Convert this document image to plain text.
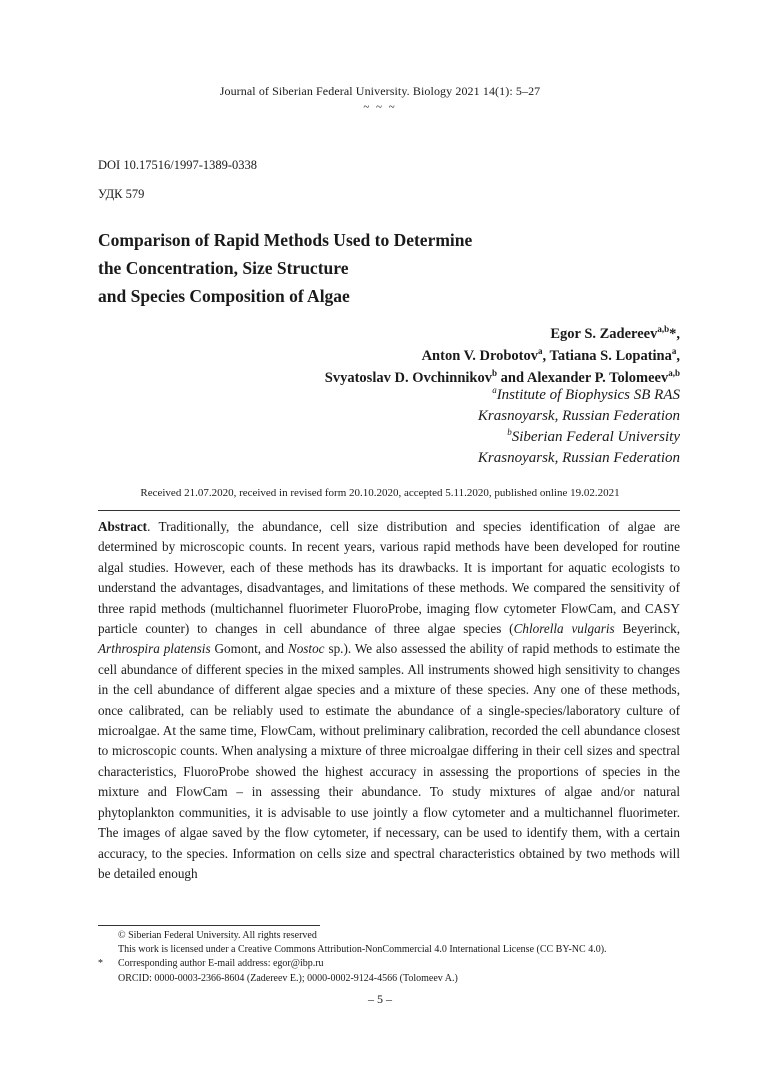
Journal of Siberian Federal University. Biology 2021 14(1): 5–27
~ ~ ~
DOI 10.17516/1997-1389-0338
УДК 579
Comparison of Rapid Methods Used to Determine
the Concentration, Size Structure
and Species Composition of Algae
Egor S. Zadereev$^{a,b}$*,
Anton V. Drobotov$^a$, Tatiana S. Lopatina$^a$,
Svyatoslav D. Ovchinnikov$^b$ and Alexander P. Tolomeev$^{a,b}$
$^a$Institute of Biophysics SB RAS
Krasnoyarsk, Russian Federation
$^b$Siberian Federal University
Krasnoyarsk, Russian Federation
Received 21.07.2020, received in revised form 20.10.2020, accepted 5.11.2020, published online 19.02.2021
Abstract. Traditionally, the abundance, cell size distribution and species identification of algae are determined by microscopic counts. In recent years, various rapid methods have been developed for routine algal studies. However, each of these methods has its drawbacks. It is important for aquatic ecologists to understand the advantages, disadvantages, and limitations of these methods. We compared the sensitivity of three rapid methods (multichannel fluorimeter FluoroProbe, imaging flow cytometer FlowCam, and CASY particle counter) to changes in cell abundance of three algae species (Chlorella vulgaris Beyerinck, Arthrospira platensis Gomont, and Nostoc sp.). We also assessed the ability of rapid methods to estimate the cell abundance of different species in the mixed samples. All instruments showed high sensitivity to changes in the cell abundance of different algae species and a mixture of these species. Any one of these methods, once calibrated, can be reliably used to estimate the abundance of a single-species/laboratory culture of microalgae. At the same time, FlowCam, without preliminary calibration, recorded the cell abundance closest to microscopic counts. When analysing a mixture of three microalgae differing in their cell sizes and spectral characteristics, FluoroProbe showed the highest accuracy in assessing the proportions of species in the mixture and FlowCam – in assessing their abundance. To study mixtures of algae and/or natural phytoplankton communities, it is advisable to use jointly a flow cytometer and a multichannel fluorimeter. The images of algae saved by the flow cytometer, if necessary, can be used to identify them, with a certain accuracy, to the species. Information on cells size and spectral characteristics obtained by two methods will be detailed enough
© Siberian Federal University. All rights reserved
This work is licensed under a Creative Commons Attribution-NonCommercial 4.0 International License (CC BY-NC 4.0).
* Corresponding author E-mail address: egor@ibp.ru
ORCID: 0000-0003-2366-8604 (Zadereev E.); 0000-0002-9124-4566 (Tolomeev A.)
– 5 –
